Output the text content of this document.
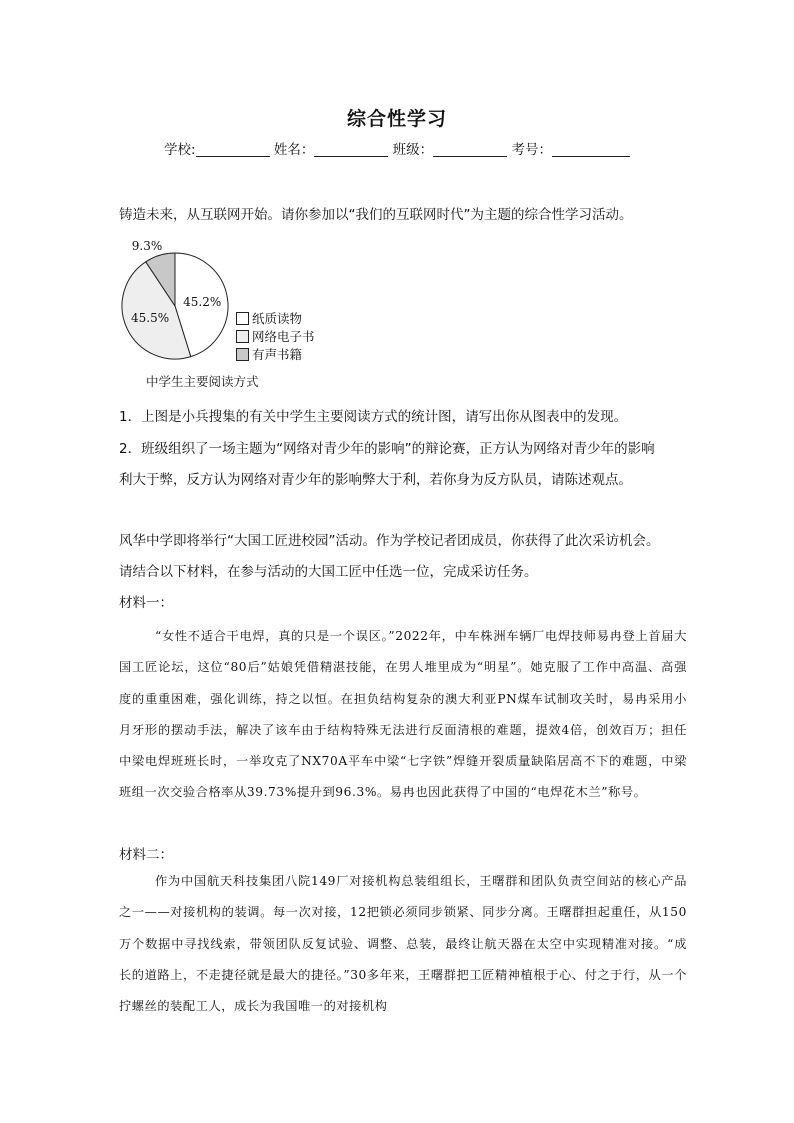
综合性学习
学校:	姓名：	班级：	考号：
铸造未来，从互联网开始。请你参加以“我们的互联网时代”为主题的综合性学习活动。
45.2%
45.5%
9.3%
纸质读物
网络电子书
有声书籍
中学生主要阅读方式
1．上图是小兵搜集的有关中学生主要阅读方式的统计图，请写出你从图表中的发现。
2．班级组织了一场主题为“网络对青少年的影响”的辩论赛，正方认为网络对青少年的影响
利大于弊，反方认为网络对青少年的影响弊大于利，若你身为反方队员，请陈述观点。
风华中学即将举行“大国工匠进校园”活动。作为学校记者团成员，你获得了此次采访机会。
请结合以下材料，在参与活动的大国工匠中任选一位，完成采访任务。
材料一：
“女性不适合干电焊，真的只是一个误区。”2022年，中车株洲车辆厂电焊技师易冉登上首届大国工匠论坛，这位“80后”姑娘凭借精湛技能，在男人堆里成为“明星”。她克服了工作中高温、高强度的重重困难，强化训练，持之以恒。在担负结构复杂的澳大利亚PN煤车试制攻关时，易冉采用小月牙形的摆动手法，解决了该车由于结构特殊无法进行反面清根的难题，提效4倍，创效百万；担任中梁电焊班班长时，一举攻克了NX70A平车中梁“七字铁”焊缝开裂质量缺陷居高不下的难题，中梁班组一次交验合格率从39.73%提升到96.3%。易冉也因此获得了中国的“电焊花木兰”称号。
材料二：
作为中国航天科技集团八院149厂对接机构总装组组长，王曙群和团队负责空间站的核心产品之一——对接机构的装调。每一次对接，12把锁必须同步锁紧、同步分离。王曙群担起重任，从150万个数据中寻找线索，带领团队反复试验、调整、总装，最终让航天器在太空中实现精准对接。“成长的道路上，不走捷径就是最大的捷径。”30多年来，王曙群把工匠精神植根于心、付之于行，从一个拧螺丝的装配工人，成长为我国唯一的对接机构
